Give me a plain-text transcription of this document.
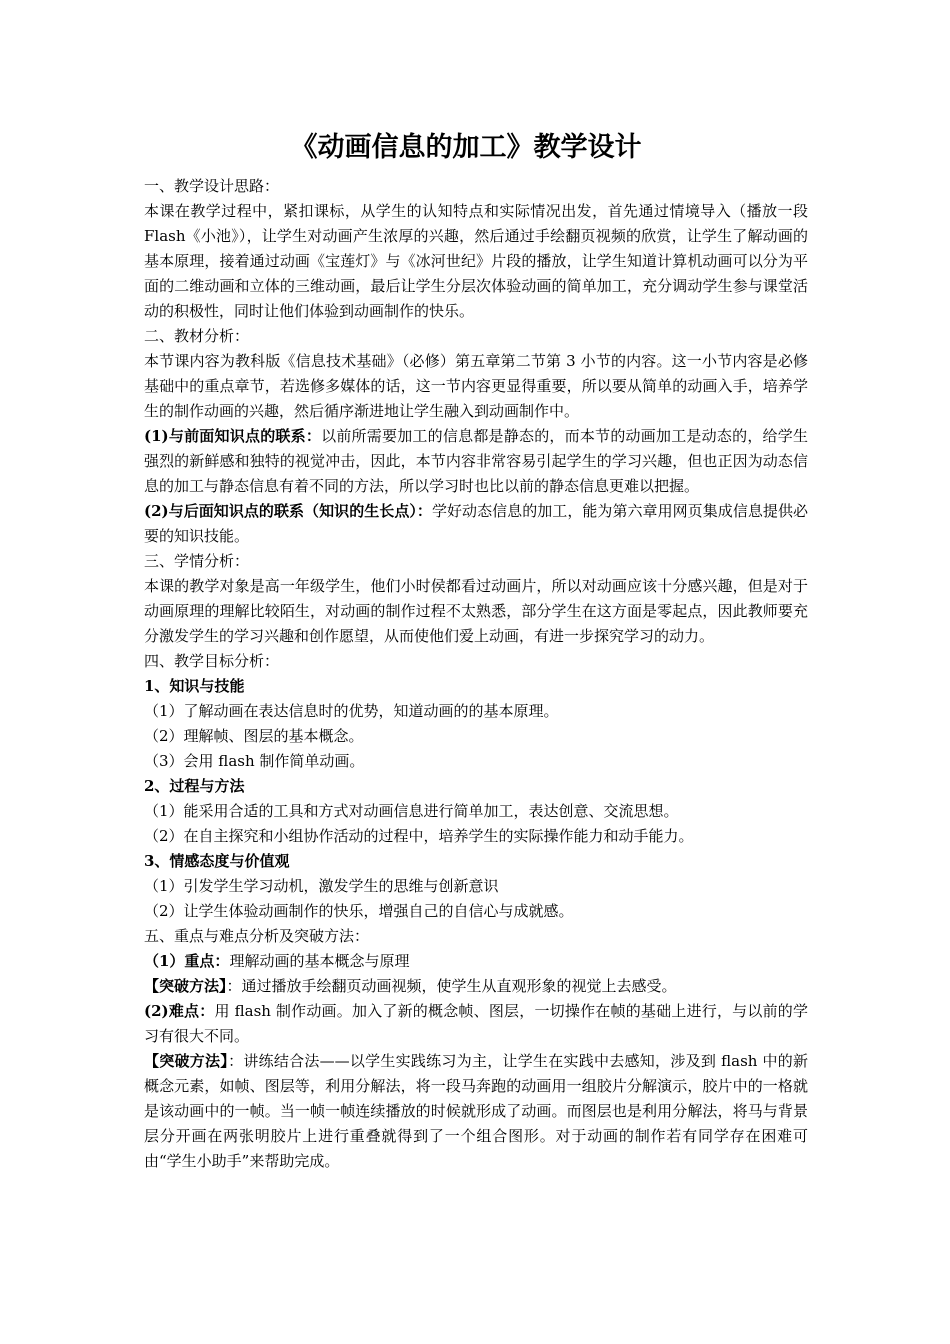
《动画信息的加工》教学设计

一、教学设计思路：

本课在教学过程中，紧扣课标，从学生的认知特点和实际情况出发，首先通过情境导入（播放一段 Flash《小池》），让学生对动画产生浓厚的兴趣，然后通过手绘翻页视频的欣赏，让学生了解动画的基本原理，接着通过动画《宝莲灯》与《冰河世纪》片段的播放，让学生知道计算机动画可以分为平面的二维动画和立体的三维动画，最后让学生分层次体验动画的简单加工，充分调动学生参与课堂活动的积极性，同时让他们体验到动画制作的快乐。

二、教材分析：

本节课内容为教科版《信息技术基础》（必修）第五章第二节第 3 小节的内容。这一小节内容是必修基础中的重点章节，若选修多媒体的话，这一节内容更显得重要，所以要从简单的动画入手，培养学生的制作动画的兴趣，然后循序渐进地让学生融入到动画制作中。

(1)与前面知识点的联系：以前所需要加工的信息都是静态的，而本节的动画加工是动态的，给学生强烈的新鲜感和独特的视觉冲击，因此，本节内容非常容易引起学生的学习兴趣，但也正因为动态信息的加工与静态信息有着不同的方法，所以学习时也比以前的静态信息更难以把握。

(2)与后面知识点的联系（知识的生长点）：学好动态信息的加工，能为第六章用网页集成信息提供必要的知识技能。

三、学情分析：

本课的教学对象是高一年级学生，他们小时侯都看过动画片，所以对动画应该十分感兴趣，但是对于动画原理的理解比较陌生，对动画的制作过程不太熟悉，部分学生在这方面是零起点，因此教师要充分激发学生的学习兴趣和创作愿望，从而使他们爱上动画，有进一步探究学习的动力。

四、教学目标分析：

1、知识与技能

（1）了解动画在表达信息时的优势，知道动画的的基本原理。

（2）理解帧、图层的基本概念。

（3）会用 flash 制作简单动画。

2、过程与方法

（1）能采用合适的工具和方式对动画信息进行简单加工，表达创意、交流思想。

（2）在自主探究和小组协作活动的过程中，培养学生的实际操作能力和动手能力。

3、情感态度与价值观

（1）引发学生学习动机，激发学生的思维与创新意识

（2）让学生体验动画制作的快乐，增强自己的自信心与成就感。

五、重点与难点分析及突破方法：

（1）重点：理解动画的基本概念与原理

【突破方法】：通过播放手绘翻页动画视频，使学生从直观形象的视觉上去感受。

(2)难点：用 flash 制作动画。加入了新的概念帧、图层，一切操作在帧的基础上进行，与以前的学习有很大不同。

【突破方法】：讲练结合法——以学生实践练习为主，让学生在实践中去感知，涉及到 flash 中的新概念元素，如帧、图层等，利用分解法，将一段马奔跑的动画用一组胶片分解演示，胶片中的一格就是该动画中的一帧。当一帧一帧连续播放的时候就形成了动画。而图层也是利用分解法，将马与背景层分开画在两张明胶片上进行重叠就得到了一个组合图形。对于动画的制作若有同学存在困难可由“学生小助手”来帮助完成。
